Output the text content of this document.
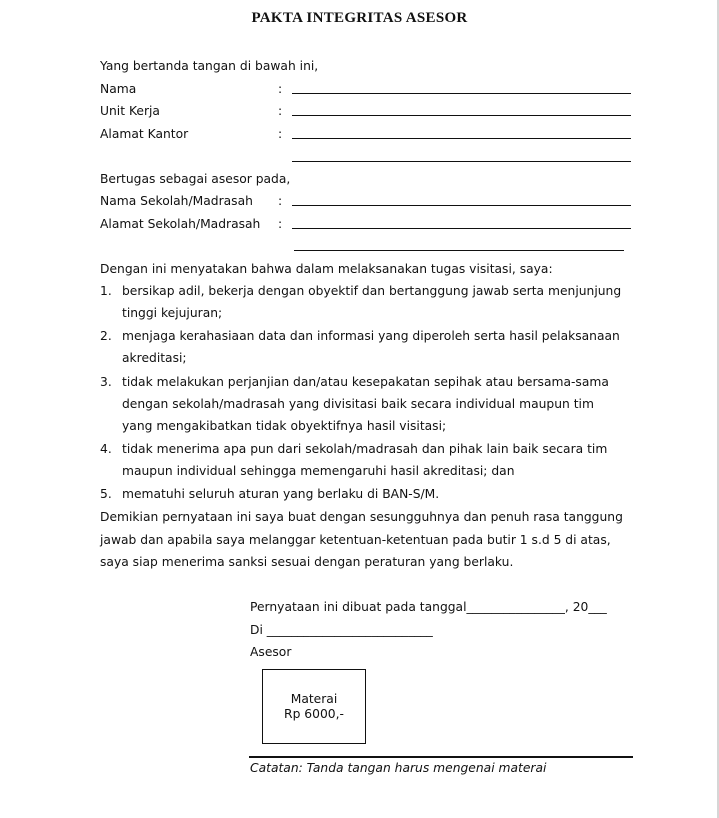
PAKTA INTEGRITAS ASESOR
Yang bertanda tangan di bawah ini,
Nama	:
Unit Kerja	:
Alamat Kantor	:
Bertugas sebagai asesor pada,
Nama Sekolah/Madrasah :
Alamat Sekolah/Madrasah :
Dengan ini menyatakan bahwa dalam melaksanakan tugas visitasi, saya:
1. bersikap adil, bekerja dengan obyektif dan bertanggung jawab serta menjunjung
tinggi kejujuran;
2. menjaga kerahasiaan data dan informasi yang diperoleh serta hasil pelaksanaan
akreditasi;
3. tidak melakukan perjanjian dan/atau kesepakatan sepihak atau bersama-sama
dengan sekolah/madrasah yang divisitasi baik secara individual maupun tim
yang mengakibatkan tidak obyektifnya hasil visitasi;
4. tidak menerima apa pun dari sekolah/madrasah dan pihak lain baik secara tim
maupun individual sehingga memengaruhi hasil akreditasi; dan
5. mematuhi seluruh aturan yang berlaku di BAN-S/M.
Demikian pernyataan ini saya buat dengan sesungguhnya dan penuh rasa tanggung
jawab dan apabila saya melanggar ketentuan-ketentuan pada butir 1 s.d 5 di atas,
saya siap menerima sanksi sesuai dengan peraturan yang berlaku.
Pernyataan ini dibuat pada tanggal________________, 20___
Di ___________________________
Asesor
Materai
Rp 6000,-
Catatan: Tanda tangan harus mengenai materai
